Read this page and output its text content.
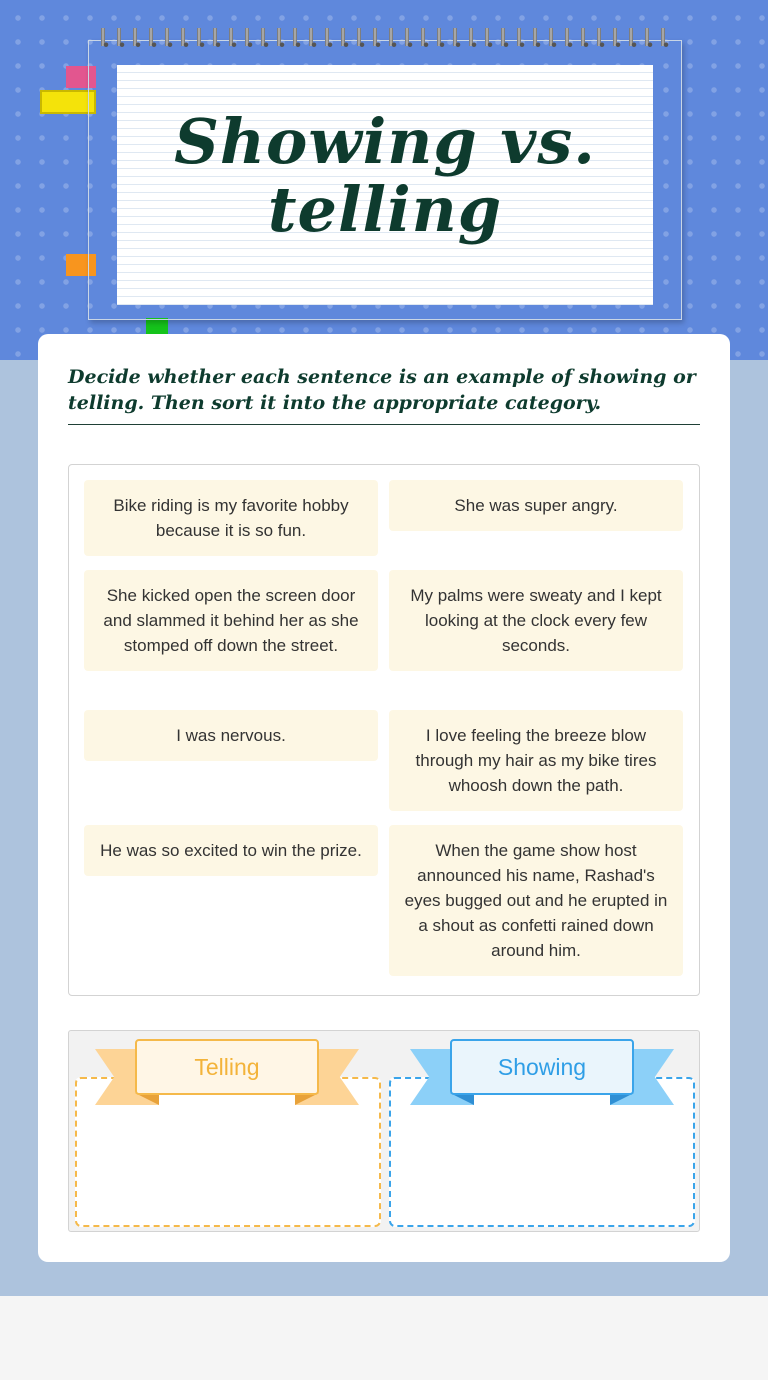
Showing vs. telling

Decide whether each sentence is an example of showing or telling. Then sort it into the appropriate category.

Bike riding is my favorite hobby because it is so fun.
She was super angry.
She kicked open the screen door and slammed it behind her as she stomped off down the street.
My palms were sweaty and I kept looking at the clock every few seconds.
I was nervous.	I love feeling the breeze blow through my hair as my bike tires whoosh down the path.
He was so excited to win the prize.	When the game show host announced his name, Rashad's eyes bugged out and he erupted in a shout as confetti rained down around him.
Telling	Showing
